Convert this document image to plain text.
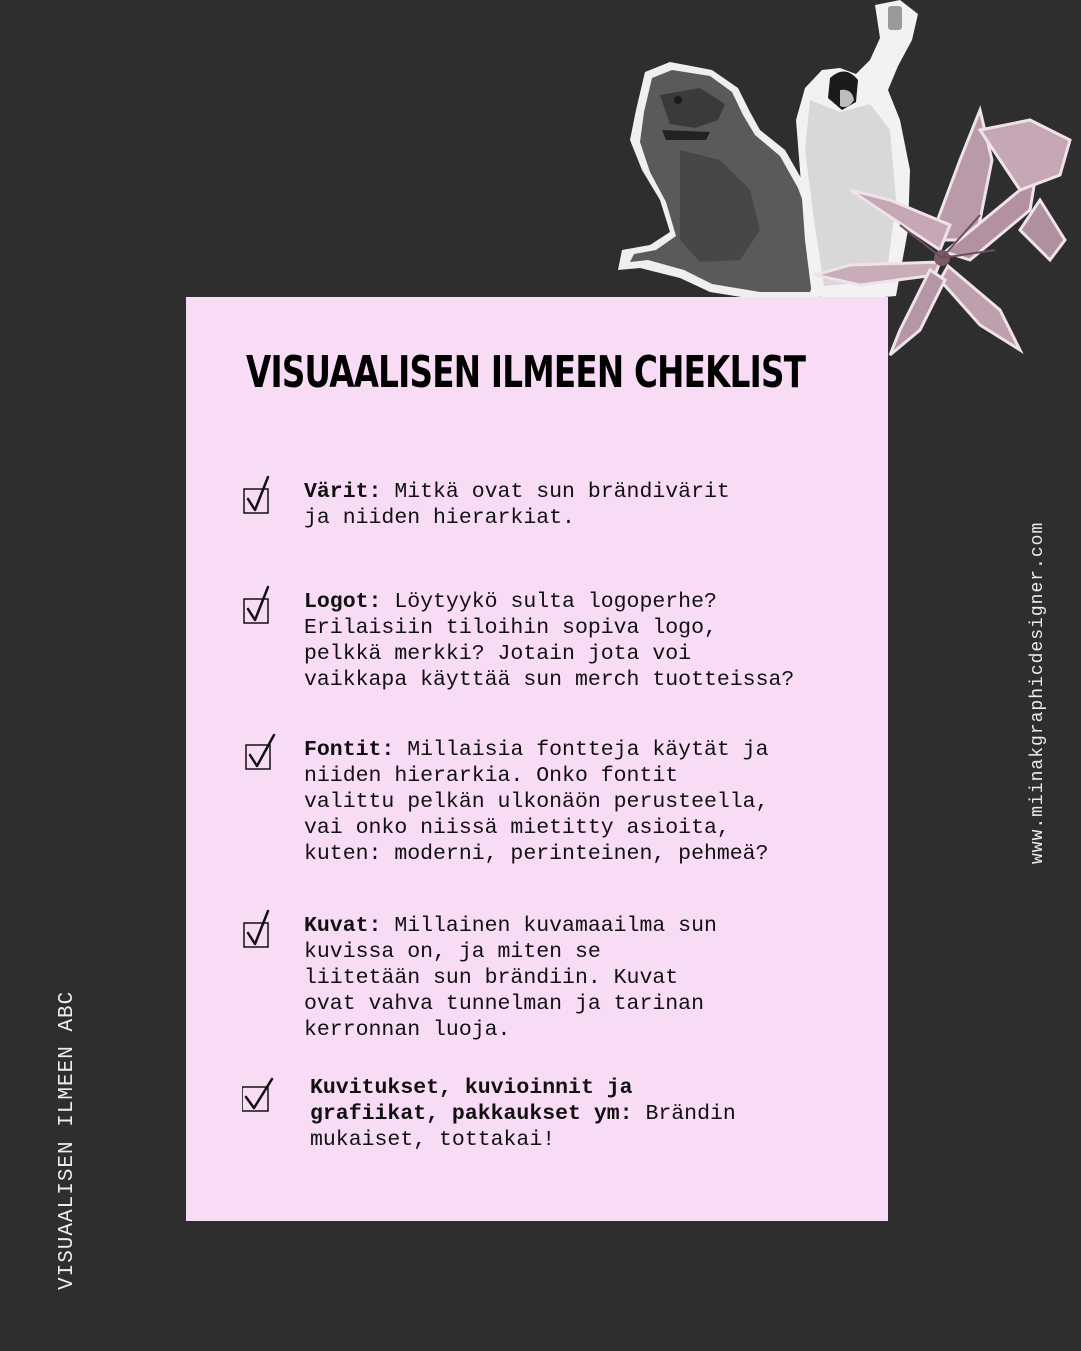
VISUAALISEN ILMEEN CHEKLIST

Värit: Mitkä ovat sun brändivärit
ja niiden hierarkiat.

Logot: Löytyykö sulta logoperhe?
Erilaisiin tiloihin sopiva logo,
pelkkä merkki? Jotain jota voi
vaikkapa käyttää sun merch tuotteissa?

Fontit: Millaisia fontteja käytät ja
niiden hierarkia. Onko fontit
valittu pelkän ulkonäön perusteella,
vai onko niissä mietitty asioita,
kuten: moderni, perinteinen, pehmeä?

Kuvat: Millainen kuvamaailma sun
kuvissa on, ja miten se
liitetään sun brändiin. Kuvat
ovat vahva tunnelman ja tarinan
kerronnan luoja.

Kuvitukset, kuvioinnit ja
grafiikat, pakkaukset ym: Brändin
mukaiset, tottakai!

VISUAALISEN ILMEEN ABC
www.miinakgraphicdesigner.com
